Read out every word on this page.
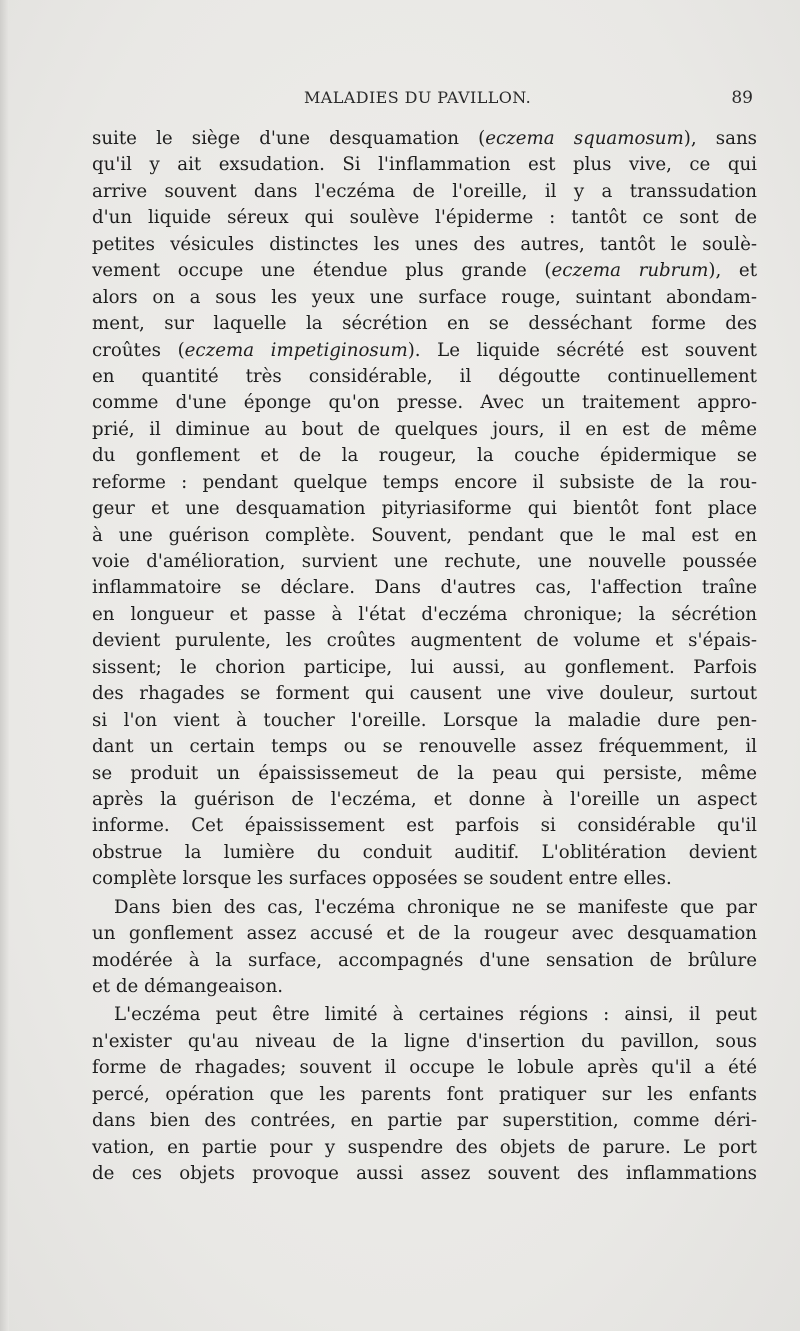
MALADIES DU PAVILLON.	89
suite le siège d'une desquamation (eczema squamosum), sans
qu'il y ait exsudation. Si l'inflammation est plus vive, ce qui
arrive souvent dans l'eczéma de l'oreille, il y a transsudation
d'un liquide séreux qui soulève l'épiderme : tantôt ce sont de
petites vésicules distinctes les unes des autres, tantôt le soulè-
vement occupe une étendue plus grande (eczema rubrum), et
alors on a sous les yeux une surface rouge, suintant abondam-
ment, sur laquelle la sécrétion en se desséchant forme des
croûtes (eczema impetiginosum). Le liquide sécrété est souvent
en quantité très considérable, il dégoutte continuellement
comme d'une éponge qu'on presse. Avec un traitement appro-
prié, il diminue au bout de quelques jours, il en est de même
du gonflement et de la rougeur, la couche épidermique se
reforme : pendant quelque temps encore il subsiste de la rou-
geur et une desquamation pityriasiforme qui bientôt font place
à une guérison complète. Souvent, pendant que le mal est en
voie d'amélioration, survient une rechute, une nouvelle poussée
inflammatoire se déclare. Dans d'autres cas, l'affection traîne
en longueur et passe à l'état d'eczéma chronique; la sécrétion
devient purulente, les croûtes augmentent de volume et s'épais-
sissent; le chorion participe, lui aussi, au gonflement. Parfois
des rhagades se forment qui causent une vive douleur, surtout
si l'on vient à toucher l'oreille. Lorsque la maladie dure pen-
dant un certain temps ou se renouvelle assez fréquemment, il
se produit un épaississemeut de la peau qui persiste, même
après la guérison de l'eczéma, et donne à l'oreille un aspect
informe. Cet épaississement est parfois si considérable qu'il
obstrue la lumière du conduit auditif. L'oblitération devient
complète lorsque les surfaces opposées se soudent entre elles.
Dans bien des cas, l'eczéma chronique ne se manifeste que par
un gonflement assez accusé et de la rougeur avec desquamation
modérée à la surface, accompagnés d'une sensation de brûlure
et de démangeaison.
L'eczéma peut être limité à certaines régions : ainsi, il peut
n'exister qu'au niveau de la ligne d'insertion du pavillon, sous
forme de rhagades; souvent il occupe le lobule après qu'il a été
percé, opération que les parents font pratiquer sur les enfants
dans bien des contrées, en partie par superstition, comme déri-
vation, en partie pour y suspendre des objets de parure. Le port
de ces objets provoque aussi assez souvent des inflammations
